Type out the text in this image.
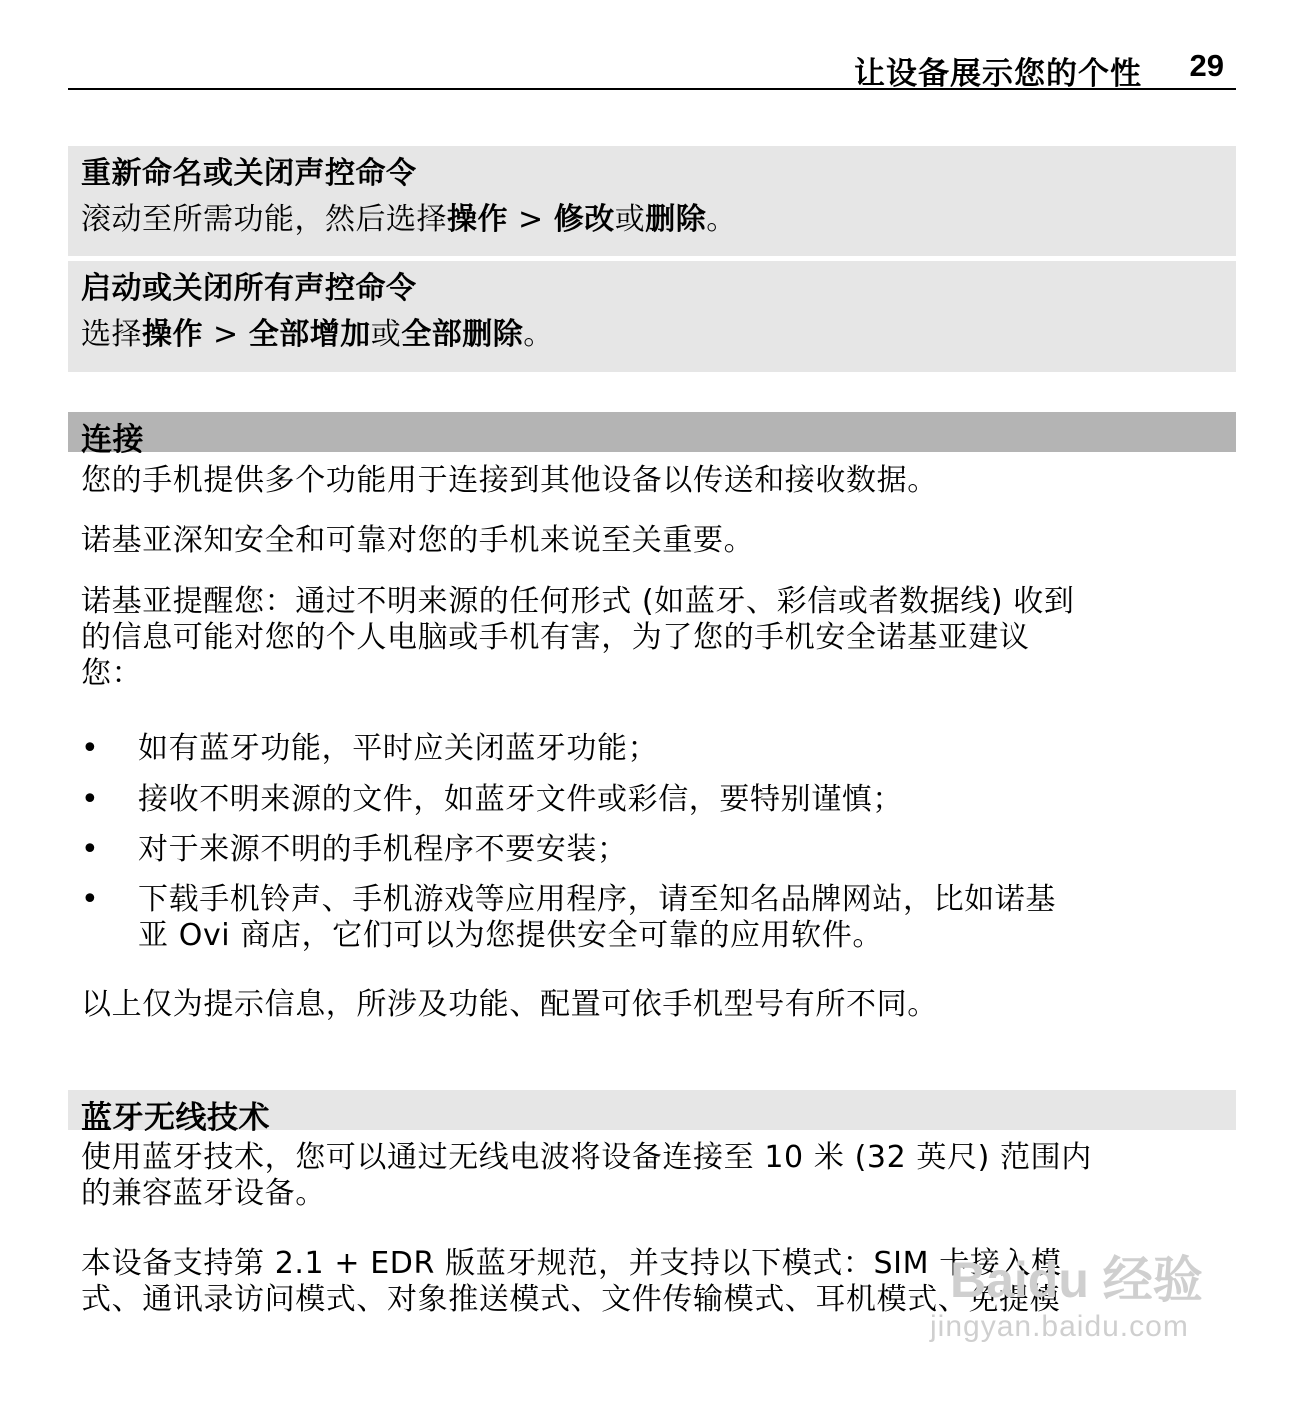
让设备展示您的个性 29
重新命名或关闭声控命令
滚动至所需功能，然后选择操作 > 修改或删除。
启动或关闭所有声控命令
选择操作 > 全部增加或全部删除。
连接
您的手机提供多个功能用于连接到其他设备以传送和接收数据。
诺基亚深知安全和可靠对您的手机来说至关重要。
诺基亚提醒您：通过不明来源的任何形式 (如蓝牙、彩信或者数据线) 收到
的信息可能对您的个人电脑或手机有害，为了您的手机安全诺基亚建议
您：
• 如有蓝牙功能，平时应关闭蓝牙功能；
• 接收不明来源的文件，如蓝牙文件或彩信，要特别谨慎；
• 对于来源不明的手机程序不要安装；
• 下载手机铃声、手机游戏等应用程序，请至知名品牌网站，比如诺基
亚 Ovi 商店，它们可以为您提供安全可靠的应用软件。
以上仅为提示信息，所涉及功能、配置可依手机型号有所不同。
蓝牙无线技术
使用蓝牙技术，您可以通过无线电波将设备连接至 10 米 (32 英尺) 范围内
的兼容蓝牙设备。
本设备支持第 2.1 + EDR 版蓝牙规范，并支持以下模式：SIM 卡接入模
式、通讯录访问模式、对象推送模式、文件传输模式、耳机模式、免提模
Baidu 经验
jingyan.baidu.com
